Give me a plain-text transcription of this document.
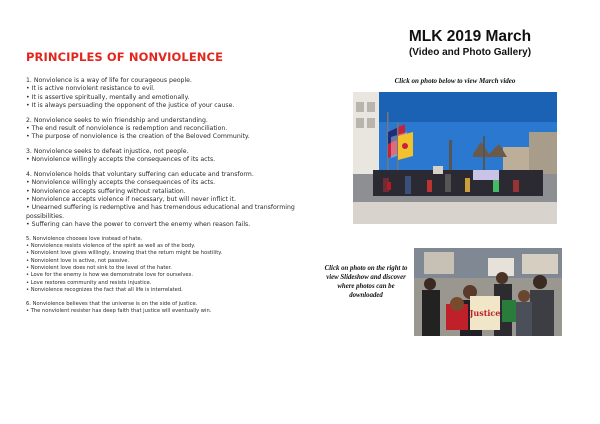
PRINCIPLES OF NONVIOLENCE
1. Nonviolence is a way of life for courageous people.
• It is active nonviolent resistance to evil.
• It is assertive spiritually, mentally and emotionally.
• It is always persuading the opponent of the justice of your cause.
2. Nonviolence seeks to win friendship and understanding.
• The end result of nonviolence is redemption and reconciliation.
• The purpose of nonviolence is the creation of the Beloved Community.
3. Nonviolence seeks to defeat injustice, not people.
• Nonviolence willingly accepts the consequences of its acts.
4. Nonviolence holds that voluntary suffering can educate and transform.
• Nonviolence willingly accepts the consequences of its acts.
• Nonviolence accepts suffering without retaliation.
• Nonviolence accepts violence if necessary, but will never inflict it.
• Unearned suffering is redemptive and has tremendous educational and transforming possibilities.
• Suffering can have the power to convert the enemy when reason fails.
5. Nonviolence chooses love instead of hate.
• Nonviolence resists violence of the spirit as well as of the body.
• Nonviolent love gives willingly, knowing that the return might be hostility.
• Nonviolent love is active, not passive.
• Nonviolent love does not sink to the level of the hater.
• Love for the enemy is how we demonstrate love for ourselves.
• Love restores community and resists injustice.
• Nonviolence recognizes the fact that all life is interrelated.
6. Nonviolence believes that the universe is on the side of justice.
• The nonviolent resister has deep faith that justice will eventually win.
MLK 2019 March
(Video and Photo Gallery)
Click on photo below to view March video
Click on photo on the right to view Slideshow and discover where photos can be downloaded
Justice
